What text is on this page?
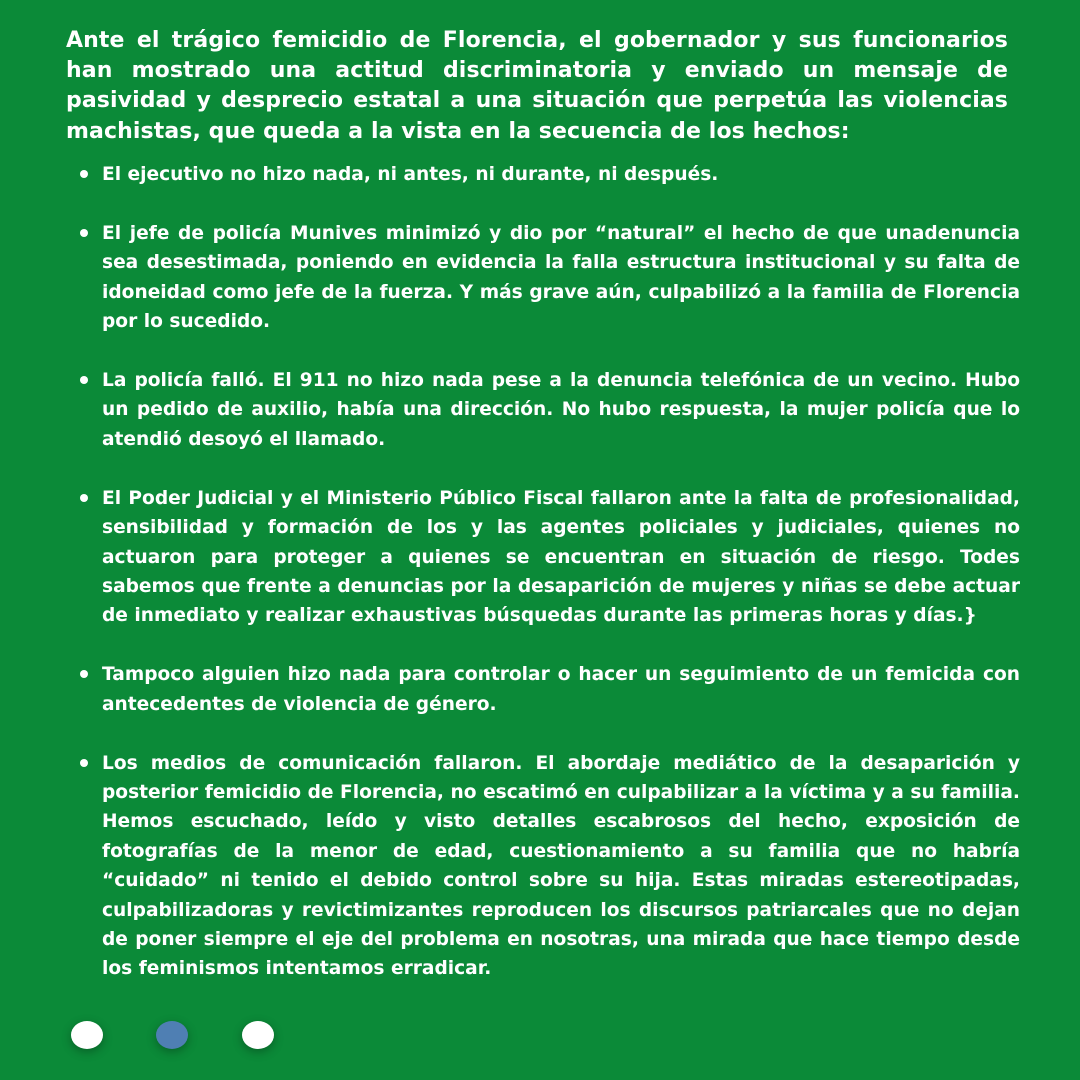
Ante el trágico femicidio de Florencia, el gobernador y sus funcionarios han mostrado una actitud discriminatoria y enviado un mensaje de pasividad y desprecio estatal a una situación que perpetúa las violencias machistas, que queda a la vista en la secuencia de los hechos:

El ejecutivo no hizo nada, ni antes, ni durante, ni después.
El jefe de policía Munives minimizó y dio por “natural” el hecho de que unadenuncia sea desestimada, poniendo en evidencia la falla estructura institucional y su falta de idoneidad como jefe de la fuerza. Y más grave aún, culpabilizó a la familia de Florencia por lo sucedido.
La policía falló. El 911 no hizo nada pese a la denuncia telefónica de un vecino. Hubo un pedido de auxilio, había una dirección. No hubo respuesta, la mujer policía que lo atendió desoyó el llamado.
El Poder Judicial y el Ministerio Público Fiscal fallaron ante la falta de profesionalidad, sensibilidad y formación de los y las agentes policiales y judiciales, quienes no actuaron para proteger a quienes se encuentran en situación de riesgo. Todes sabemos que frente a denuncias por la desaparición de mujeres y niñas se debe actuar de inmediato y realizar exhaustivas búsquedas durante las primeras horas y días.}
Tampoco alguien hizo nada para controlar o hacer un seguimiento de un femicida con antecedentes de violencia de género.
Los medios de comunicación fallaron. El abordaje mediático de la desaparición y posterior femicidio de Florencia, no escatimó en culpabilizar a la víctima y a su familia. Hemos escuchado, leído y visto detalles escabrosos del hecho, exposición de fotografías de la menor de edad, cuestionamiento a su familia que no habría “cuidado” ni tenido el debido control sobre su hija. Estas miradas estereotipadas, culpabilizadoras y revictimizantes reproducen los discursos patriarcales que no dejan de poner siempre el eje del problema en nosotras, una mirada que hace tiempo desde los feminismos intentamos erradicar.
